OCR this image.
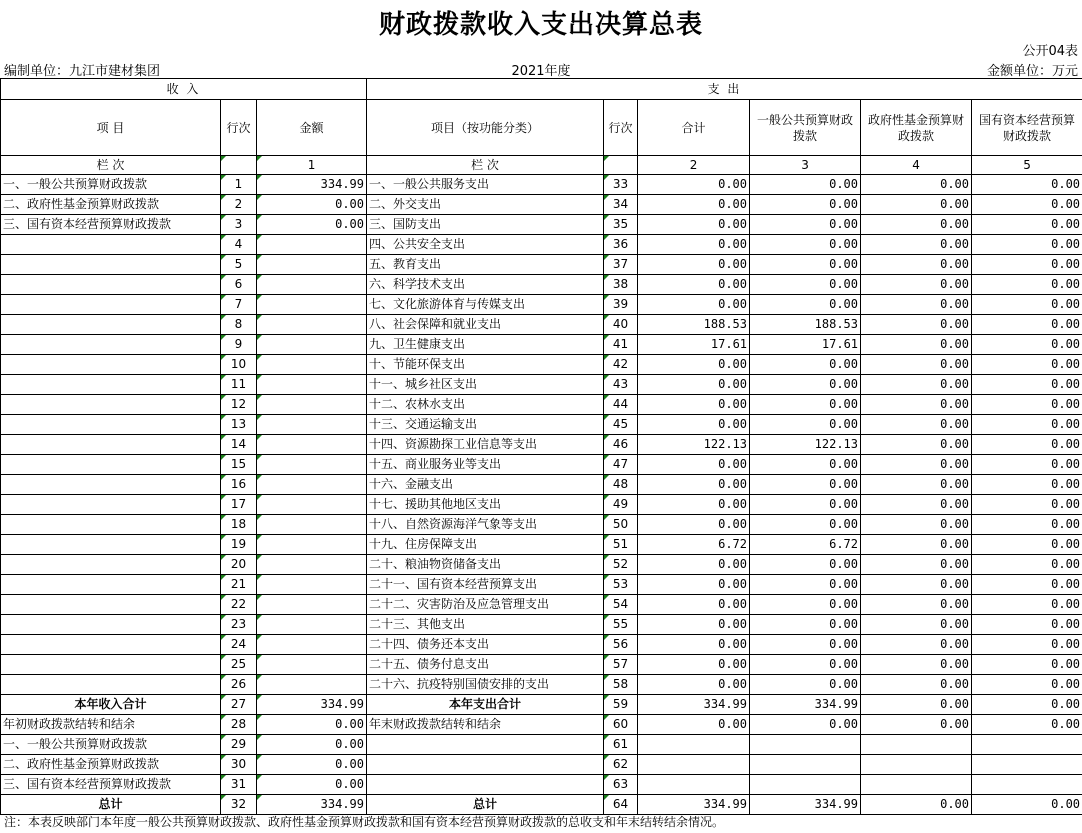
财政拨款收入支出决算总表
公开04表
编制单位：九江市建材集团	2021年度	金额单位：万元
收 入			支 出					
项 目	行次	金额	项目（按功能分类）	行次	合计	一般公共预算财政拨款	政府性基金预算财政拨款	国有资本经营预算财政拨款
栏 次		1	栏 次		2	3	4	5
一、一般公共预算财政拨款	1	334.99	一、一般公共服务支出	33	0.00	0.00	0.00	0.00
二、政府性基金预算财政拨款	2	0.00	二、外交支出	34	0.00	0.00	0.00	0.00
三、国有资本经营预算财政拨款	3	0.00	三、国防支出	35	0.00	0.00	0.00	0.00
	4		四、公共安全支出	36	0.00	0.00	0.00	0.00
	5		五、教育支出	37	0.00	0.00	0.00	0.00
	6		六、科学技术支出	38	0.00	0.00	0.00	0.00
	7		七、文化旅游体育与传媒支出	39	0.00	0.00	0.00	0.00
	8		八、社会保障和就业支出	40	188.53	188.53	0.00	0.00
	9		九、卫生健康支出	41	17.61	17.61	0.00	0.00
	10		十、节能环保支出	42	0.00	0.00	0.00	0.00
	11		十一、城乡社区支出	43	0.00	0.00	0.00	0.00
	12		十二、农林水支出	44	0.00	0.00	0.00	0.00
	13		十三、交通运输支出	45	0.00	0.00	0.00	0.00
	14		十四、资源勘探工业信息等支出	46	122.13	122.13	0.00	0.00
	15		十五、商业服务业等支出	47	0.00	0.00	0.00	0.00
	16		十六、金融支出	48	0.00	0.00	0.00	0.00
	17		十七、援助其他地区支出	49	0.00	0.00	0.00	0.00
	18		十八、自然资源海洋气象等支出	50	0.00	0.00	0.00	0.00
	19		十九、住房保障支出	51	6.72	6.72	0.00	0.00
	20		二十、粮油物资储备支出	52	0.00	0.00	0.00	0.00
	21		二十一、国有资本经营预算支出	53	0.00	0.00	0.00	0.00
	22		二十二、灾害防治及应急管理支出	54	0.00	0.00	0.00	0.00
	23		二十三、其他支出	55	0.00	0.00	0.00	0.00
	24		二十四、债务还本支出	56	0.00	0.00	0.00	0.00
	25		二十五、债务付息支出	57	0.00	0.00	0.00	0.00
	26		二十六、抗疫特别国债安排的支出	58	0.00	0.00	0.00	0.00
本年收入合计	27	334.99	本年支出合计	59	334.99	334.99	0.00	0.00
年初财政拨款结转和结余	28	0.00	年末财政拨款结转和结余	60	0.00	0.00	0.00	0.00
一、一般公共预算财政拨款	29	0.00		61				
二、政府性基金预算财政拨款	30	0.00		62				
三、国有资本经营预算财政拨款	31	0.00		63				
总计	32	334.99	总计	64	334.99	334.99	0.00	0.00
注：本表反映部门本年度一般公共预算财政拨款、政府性基金预算财政拨款和国有资本经营预算财政拨款的总收支和年末结转结余情况。
